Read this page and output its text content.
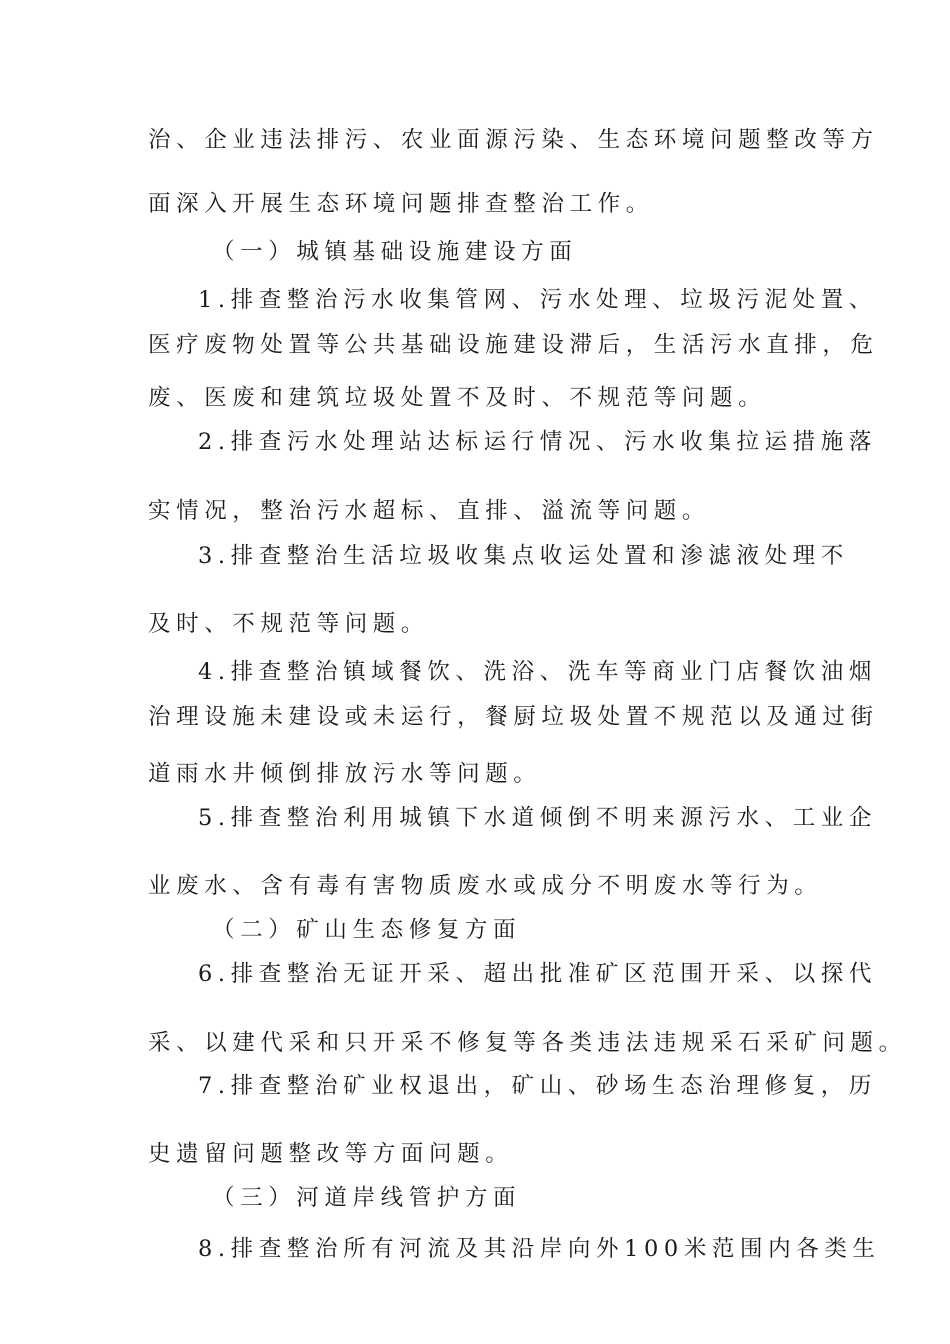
治、企业违法排污、农业面源污染、生态环境问题整改等方
面深入开展生态环境问题排查整治工作。
（一）城镇基础设施建设方面
1.排查整治污水收集管网、污水处理、垃圾污泥处置、
医疗废物处置等公共基础设施建设滞后，生活污水直排，危
废、医废和建筑垃圾处置不及时、不规范等问题。
2.排查污水处理站达标运行情况、污水收集拉运措施落
实情况，整治污水超标、直排、溢流等问题。
3.排查整治生活垃圾收集点收运处置和渗滤液处理不
及时、不规范等问题。
4.排查整治镇域餐饮、洗浴、洗车等商业门店餐饮油烟
治理设施未建设或未运行，餐厨垃圾处置不规范以及通过街
道雨水井倾倒排放污水等问题。
5.排查整治利用城镇下水道倾倒不明来源污水、工业企
业废水、含有毒有害物质废水或成分不明废水等行为。
（二）矿山生态修复方面
6.排查整治无证开采、超出批准矿区范围开采、以探代
采、以建代采和只开采不修复等各类违法违规采石采矿问题。
7.排查整治矿业权退出，矿山、砂场生态治理修复，历
史遗留问题整改等方面问题。
（三）河道岸线管护方面
8.排查整治所有河流及其沿岸向外100米范围内各类生
